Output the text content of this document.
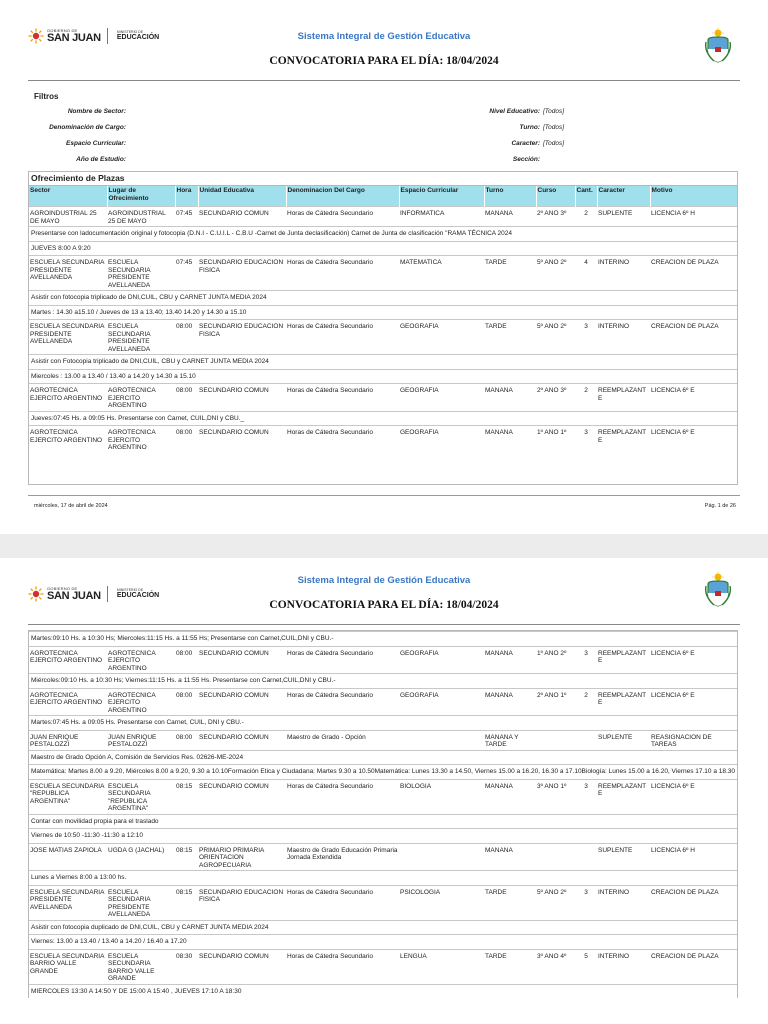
GOBIERNO DE
SAN JUAN	MINISTERIO DE
EDUCACIÓN	Sistema Integral de Gestión Educativa
CONVOCATORIA PARA EL DÍA: 18/04/2024
Filtros
Nombre de Sector:
Denominación de Cargo:
Espacio Curricular:
Año de Estudio:
Nivel Educativo: [Todos]
Turno: [Todos]
Caracter: [Todos]
Sección:
Ofrecimiento de Plazas
Sector	Lugar de Ofrecimiento	Hora	Unidad Educativa	Denominacion Del Cargo	Espacio Curricular	Turno	Curso	Cant.	Caracter	Motivo
AGROINDUSTRIAL 25 DE MAYO	AGROINDUSTRIAL 25 DE MAYO	07:45	SECUNDARIO COMUN	Horas de Cátedra Secundario	INFORMATICA	MANANA	2º ANO 3º	2	SUPLENTE	LICENCIA 6º H
Presentarse con ladocumentación original y fotocopia (D.N.I - C.U.I.L - C.B.U -Carnet de Junta declasificación) Carnet de Junta de clasificación "RAMA TÉCNICA 2024										
JUEVES 8:00 A 9:20										
ESCUELA SECUNDARIA PRESIDENTE AVELLANEDA	ESCUELA SECUNDARIA PRESIDENTE AVELLANEDA	07:45	SECUNDARIO EDUCACION FISICA	Horas de Cátedra Secundario	MATEMATICA	TARDE	5º ANO 2º	4	INTERINO	CREACION DE PLAZA
Asistir con fotocopia triplicado de DNI,CUIL, CBU y CARNET JUNTA MEDIA 2024										
Martes : 14.30 a15.10 / Jueves de 13 a 13.40; 13.40 14.20 y 14.30 a 15.10										
ESCUELA SECUNDARIA PRESIDENTE AVELLANEDA	ESCUELA SECUNDARIA PRESIDENTE AVELLANEDA	08:00	SECUNDARIO EDUCACION FISICA	Horas de Cátedra Secundario	GEOGRAFIA	TARDE	5º ANO 2º	3	INTERINO	CREACION DE PLAZA
Asistir con Fotocopia triplicado de DNI,CUIL, CBU y CARNET JUNTA MEDIA 2024										
Miercoles : 13.00 a 13.40 / 13.40 a 14.20 y 14.30 a 15.10										
AGROTECNICA EJERCITO ARGENTINO	AGROTECNICA EJERCITO ARGENTINO	08:00	SECUNDARIO COMUN	Horas de Cátedra Secundario	GEOGRAFIA	MANANA	2º ANO 3º	2	REEMPLAZANTE	LICENCIA 6º E
Jueves:07:45 Hs. a 09:05 Hs. Presentarse con Carnet, CUIL,DNI y CBU._										
AGROTECNICA EJERCITO ARGENTINO	AGROTECNICA EJERCITO ARGENTINO	08:00	SECUNDARIO COMUN	Horas de Cátedra Secundario	GEOGRAFIA	MANANA	1º ANO 1º	3	REEMPLAZANTE	LICENCIA 6º E
miércoles, 17 de abril de 2024	Pág. 1 de 26
GOBIERNO DE
SAN JUAN	MINISTERIO DE
EDUCACIÓN
Sistema Integral de Gestión Educativa
CONVOCATORIA PARA EL DÍA: 18/04/2024
Martes:09:10 Hs. a 10:30 Hs; Miercoles:11:15 Hs. a 11:55 Hs; Presentarse con Carnet,CUIL,DNI y CBU.-										
AGROTECNICA EJERCITO ARGENTINO	AGROTECNICA EJERCITO ARGENTINO	08:00	SECUNDARIO COMUN	Horas de Cátedra Secundario	GEOGRAFIA	MANANA	1º ANO 2º	3	REEMPLAZANTE	LICENCIA 6º E
Miércoles:09:10 Hs. a 10:30 Hs; Viernes:11:15 Hs. a 11:55 Hs. Presentarse con Carnet,CUIL,DNI y CBU.-										
AGROTECNICA EJERCITO ARGENTINO	AGROTECNICA EJERCITO ARGENTINO	08:00	SECUNDARIO COMUN	Horas de Cátedra Secundario	GEOGRAFIA	MANANA	2º ANO 1º	2	REEMPLAZANTE	LICENCIA 6º E
Martes:07:45 Hs. a 09:05 Hs. Presentarse con Carnet, CUIL, DNI y CBU.-										
JUAN ENRIQUE PESTALOZZI	JUAN ENRIQUE PESTALOZZI	08:00	SECUNDARIO COMUN	Maestro de Grado - Opción		MANANA Y TARDE			SUPLENTE	REASIGNACION DE TAREAS
Maestro de Grado Opción A, Comisión de Servicios Res. 02626-ME-2024										
Matemática: Martes 8.00 a 9.20, Miércoles 8.00 a 9.20, 9.30 a 10.10Formación Etica y Ciudadana: Martes 9.30 a 10.50Matemática: Lunes 13.30 a 14.50, Viernes 15.00 a 16.20, 16.30 a 17.10Biología: Lunes 15.00 a 16.20, Viernes 17.10 a 18.30										
ESCUELA SECUNDARIA "REPUBLICA ARGENTINA"	ESCUELA SECUNDARIA "REPUBLICA ARGENTINA"	08:15	SECUNDARIO COMUN	Horas de Cátedra Secundario	BIOLOGIA	MANANA	3º ANO 1º	3	REEMPLAZANTE	LICENCIA 6º E
Contar con movilidad propia para el traslado										
Viernes de 10:50 -11:30 -11:30 a 12:10										
JOSE MATIAS ZAPIOLA	UGDA G (JACHAL)	08:15	PRIMARIO PRIMARIA ORIENTACION AGROPECUARIA	Maestro de Grado Educación Primaria Jornada Extendida		MANANA			SUPLENTE	LICENCIA 6º H
Lunes a Viernes 8:00 a 13:00 hs.										
ESCUELA SECUNDARIA PRESIDENTE AVELLANEDA	ESCUELA SECUNDARIA PRESIDENTE AVELLANEDA	08:15	SECUNDARIO EDUCACION FISICA	Horas de Cátedra Secundario	PSICOLOGIA	TARDE	5º ANO 2º	3	INTERINO	CREACION DE PLAZA
Asistir con fotocopia duplicado de DNI,CUIL, CBU y CARNET JUNTA MEDIA 2024										
Viernes: 13.00 a 13.40 / 13.40 a 14.20 / 16.40 a 17.20										
ESCUELA SECUNDARIA BARRIO VALLE GRANDE	ESCUELA SECUNDARIA BARRIO VALLE GRANDE	08:30	SECUNDARIO COMUN	Horas de Cátedra Secundario	LENGUA	TARDE	3º ANO 4º	5	INTERINO	CREACION DE PLAZA
MIERCOLES 13:30 A 14:50 Y DE 15:00 A 15:40 , JUEVES 17:10 A 18:30										
